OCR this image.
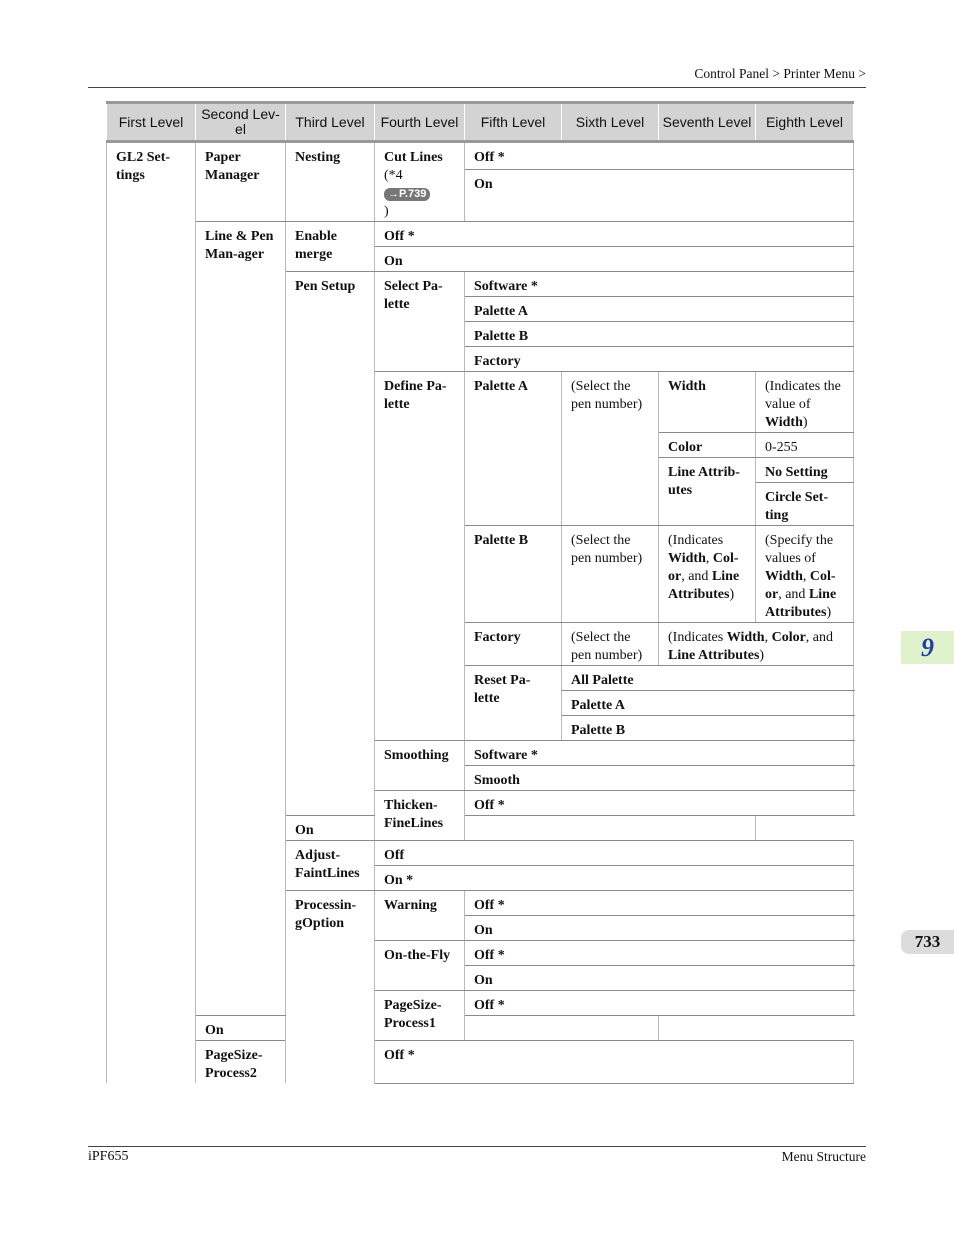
Control Panel > Printer Menu >
First Level	Second Lev-el	Third Level	Fourth Level	Fifth Level	Sixth Level	Seventh Level	Eighth Level
GL2 Set-tings	Paper Manager	Nesting	Cut Lines
(*4
→P.739
)	Off *			
				On			
	Line & Pen Man-ager	Enable merge	Off *				
			On				
		Pen Setup	Select Pa-lette	Software *			
				Palette A			
				Palette B			
				Factory			
			Define Pa-lette	Palette A	(Select the pen number)	Width	(Indicates the value of Width)
						Color	0-255
						Line Attrib-utes	No Setting
							Circle Set-ting
				Palette B	(Select the pen number)	(Indicates Width, Col-or, and Line Attributes)	(Specify the values of Width, Col-or, and Line Attributes)
				Factory	(Select the pen number)	(Indicates Width, Color, and Line Attributes)	
				Reset Pa-lette	All Palette		
					Palette A		
					Palette B		
			Smoothing	Software *			
				Smooth			
			Thicken-FineLines	Off *			
		On					
		Adjust-FaintLines	Off				
			On *				
		Processin-gOption	Warning	Off *			
				On			
			On-the-Fly	Off *			
				On			
			PageSize-Process1	Off *			
	On						
	PageSize-Process2		Off *				
9
733
iPF655	Menu Structure
